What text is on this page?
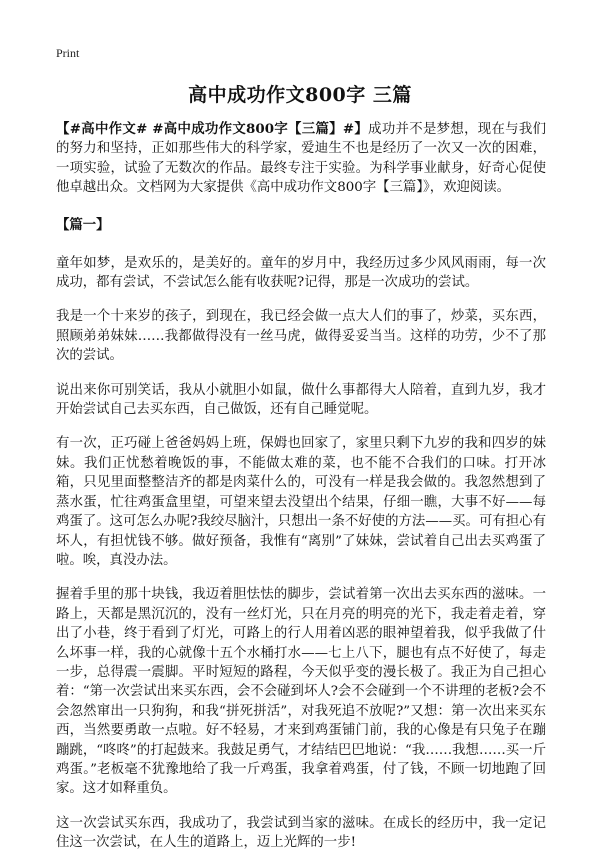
Print
高中成功作文800字 三篇

【#高中作文# #高中成功作文800字【三篇】#】成功并不是梦想，现在与我们的努力和坚持，正如那些伟大的科学家，爱迪生不也是经历了一次又一次的困难，一项实验，试验了无数次的作品。最终专注于实验。为科学事业献身，好奇心促使他卓越出众。文档网为大家提供《高中成功作文800字【三篇】》，欢迎阅读。

【篇一】

童年如梦，是欢乐的，是美好的。童年的岁月中，我经历过多少风风雨雨，每一次成功，都有尝试，不尝试怎么能有收获呢?记得，那是一次成功的尝试。

我是一个十来岁的孩子，到现在，我已经会做一点大人们的事了，炒菜，买东西，照顾弟弟妹妹……我都做得没有一丝马虎，做得妥妥当当。这样的功劳，少不了那次的尝试。

说出来你可别笑话，我从小就胆小如鼠，做什么事都得大人陪着，直到九岁，我才开始尝试自己去买东西，自己做饭，还有自己睡觉呢。

有一次，正巧碰上爸爸妈妈上班，保姆也回家了，家里只剩下九岁的我和四岁的妹妹。我们正忧愁着晚饭的事，不能做太难的菜，也不能不合我们的口味。打开冰箱，只见里面整整洁齐的都是肉菜什么的，可没有一样是我会做的。我忽然想到了蒸水蛋，忙往鸡蛋盒里望，可望来望去没望出个结果，仔细一瞧，大事不好——每鸡蛋了。这可怎么办呢?我绞尽脑汁，只想出一条不好使的方法——买。可有担心有坏人，有担忧钱不够。做好预备，我惟有“离别”了妹妹，尝试着自己出去买鸡蛋了啦。唉，真没办法。

握着手里的那十块钱，我迈着胆怯怯的脚步，尝试着第一次出去买东西的滋味。一路上，天都是黑沉沉的，没有一丝灯光，只在月亮的明亮的光下，我走着走着，穿出了小巷，终于看到了灯光，可路上的行人用着凶恶的眼神望着我，似乎我做了什么坏事一样，我的心就像十五个水桶打水——七上八下，腿也有点不好使了，每走一步，总得震一震脚。平时短短的路程，今天似乎变的漫长极了。我正为自己担心着：“第一次尝试出来买东西，会不会碰到坏人?会不会碰到一个不讲理的老板?会不会忽然窜出一只狗狗，和我“拼死拼活”，对我死追不放呢?”又想：第一次出来买东西，当然要勇敢一点啦。好不轻易，才来到鸡蛋铺门前，我的心像是有只兔子在蹦蹦跳，“咚咚”的打起鼓来。我鼓足勇气，才结结巴巴地说：“我……我想……买一斤鸡蛋。”老板毫不犹豫地给了我一斤鸡蛋，我拿着鸡蛋，付了钱，不顾一切地跑了回家。这才如释重负。

这一次尝试买东西，我成功了，我尝试到当家的滋味。在成长的经历中，我一定记住这一次尝试，在人生的道路上，迈上光辉的一步!
